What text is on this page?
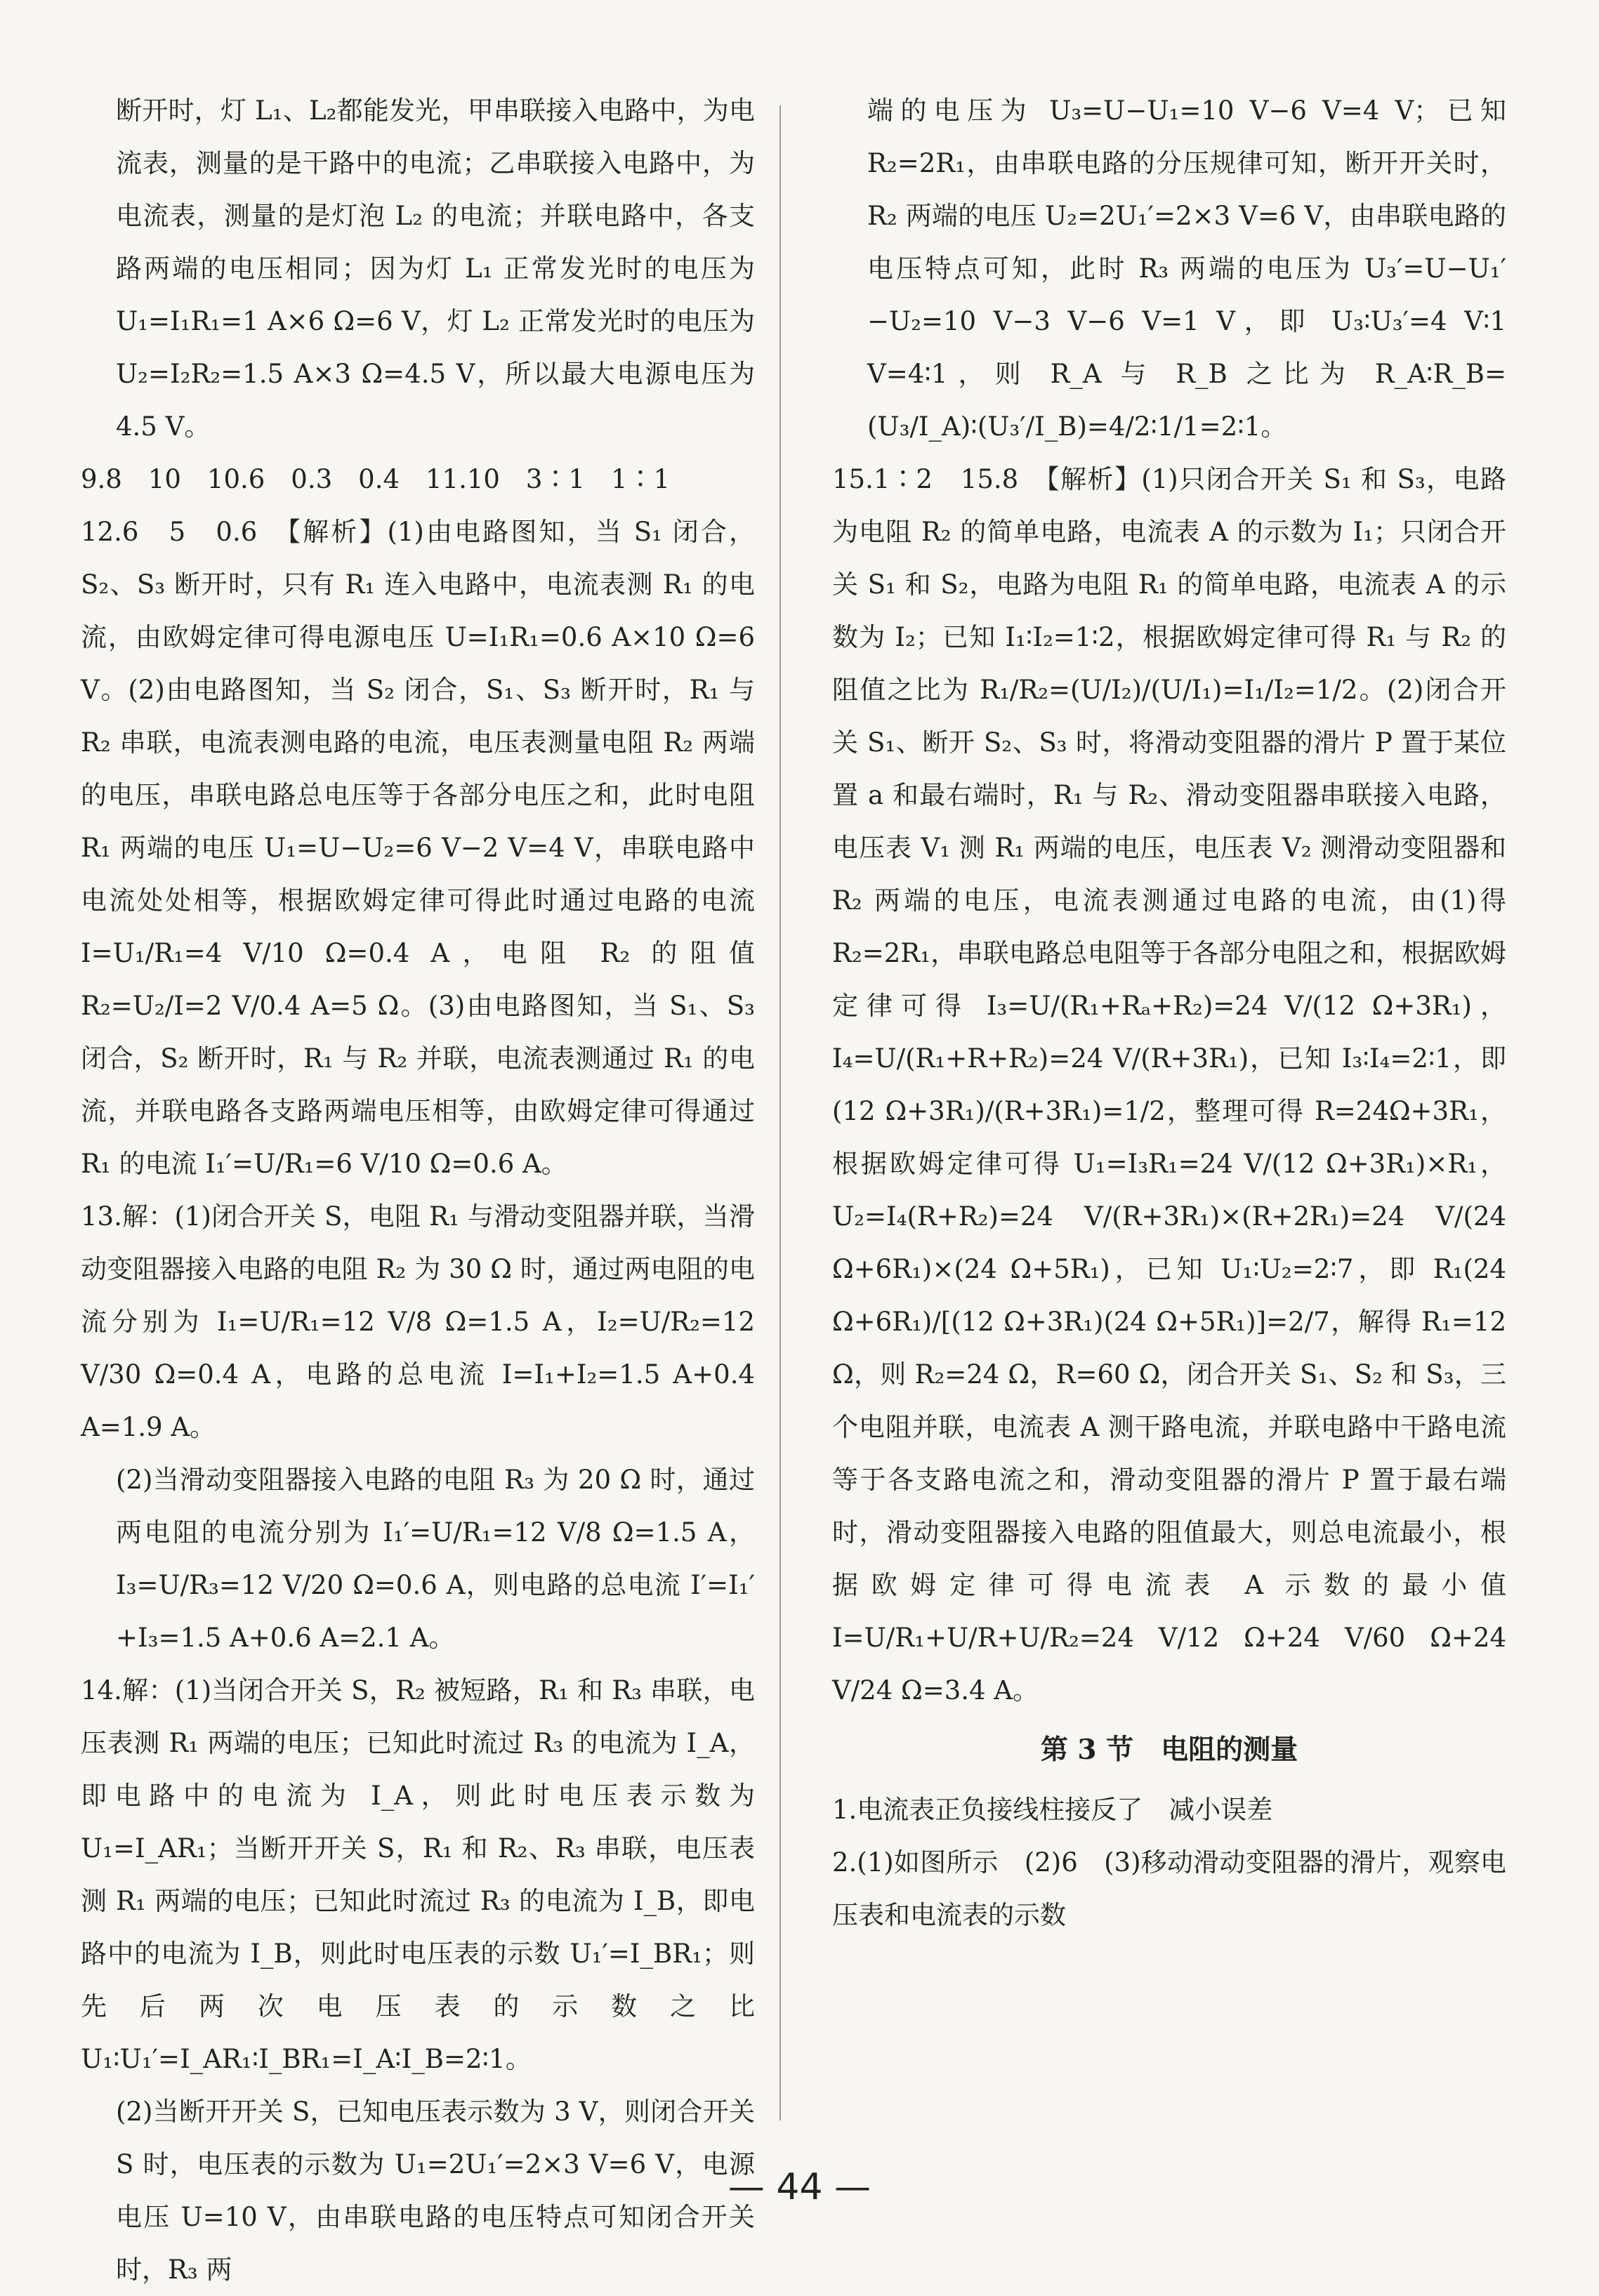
断开时，灯 L₁、L₂都能发光，甲串联接入电路中，为电流表，测量的是干路中的电流；乙串联接入电路中，为电流表，测量的是灯泡 L₂ 的电流；并联电路中，各支路两端的电压相同；因为灯 L₁ 正常发光时的电压为 U₁=I₁R₁=1 A×6 Ω=6 V，灯 L₂ 正常发光时的电压为 U₂=I₂R₂=1.5 A×3 Ω=4.5 V，所以最大电源电压为 4.5 V。

9.8　10　10.6　0.3　0.4　11.10　3∶1　1∶1

12.6　5　0.6　【解析】(1)由电路图知，当 S₁ 闭合，S₂、S₃ 断开时，只有 R₁ 连入电路中，电流表测 R₁ 的电流，由欧姆定律可得电源电压 U=I₁R₁=0.6 A×10 Ω=6 V。(2)由电路图知，当 S₂ 闭合，S₁、S₃ 断开时，R₁ 与 R₂ 串联，电流表测电路的电流，电压表测量电阻 R₂ 两端的电压，串联电路总电压等于各部分电压之和，此时电阻 R₁ 两端的电压 U₁=U−U₂=6 V−2 V=4 V，串联电路中电流处处相等，根据欧姆定律可得此时通过电路的电流 I=U₁/R₁=4 V/10 Ω=0.4 A，电阻 R₂ 的阻值 R₂=U₂/I=2 V/0.4 A=5 Ω。(3)由电路图知，当 S₁、S₃ 闭合，S₂ 断开时，R₁ 与 R₂ 并联，电流表测通过 R₁ 的电流，并联电路各支路两端电压相等，由欧姆定律可得通过 R₁ 的电流 I₁′=U/R₁=6 V/10 Ω=0.6 A。

13.解：(1)闭合开关 S，电阻 R₁ 与滑动变阻器并联，当滑动变阻器接入电路的电阻 R₂ 为 30 Ω 时，通过两电阻的电流分别为 I₁=U/R₁=12 V/8 Ω=1.5 A，I₂=U/R₂=12 V/30 Ω=0.4 A，电路的总电流 I=I₁+I₂=1.5 A+0.4 A=1.9 A。

(2)当滑动变阻器接入电路的电阻 R₃ 为 20 Ω 时，通过两电阻的电流分别为 I₁′=U/R₁=12 V/8 Ω=1.5 A，I₃=U/R₃=12 V/20 Ω=0.6 A，则电路的总电流 I′=I₁′+I₃=1.5 A+0.6 A=2.1 A。

14.解：(1)当闭合开关 S，R₂ 被短路，R₁ 和 R₃ 串联，电压表测 R₁ 两端的电压；已知此时流过 R₃ 的电流为 I_A，即电路中的电流为 I_A，则此时电压表示数为 U₁=I_AR₁；当断开开关 S，R₁ 和 R₂、R₃ 串联，电压表测 R₁ 两端的电压；已知此时流过 R₃ 的电流为 I_B，即电路中的电流为 I_B，则此时电压表的示数 U₁′=I_BR₁；则先后两次电压表的示数之比 U₁∶U₁′=I_AR₁∶I_BR₁=I_A∶I_B=2∶1。

(2)当断开开关 S，已知电压表示数为 3 V，则闭合开关 S 时，电压表的示数为 U₁=2U₁′=2×3 V=6 V，电源电压 U=10 V，由串联电路的电压特点可知闭合开关时，R₃ 两

端的电压为 U₃=U−U₁=10 V−6 V=4 V；已知 R₂=2R₁，由串联电路的分压规律可知，断开开关时，R₂ 两端的电压 U₂=2U₁′=2×3 V=6 V，由串联电路的电压特点可知，此时 R₃ 两端的电压为 U₃′=U−U₁′−U₂=10 V−3 V−6 V=1 V，即 U₃∶U₃′=4 V∶1 V=4∶1，则 R_A 与 R_B 之比为 R_A∶R_B=(U₃/I_A)∶(U₃′/I_B)=4/2∶1/1=2∶1。

15.1∶2　15.8　【解析】(1)只闭合开关 S₁ 和 S₃，电路为电阻 R₂ 的简单电路，电流表 A 的示数为 I₁；只闭合开关 S₁ 和 S₂，电路为电阻 R₁ 的简单电路，电流表 A 的示数为 I₂；已知 I₁∶I₂=1∶2，根据欧姆定律可得 R₁ 与 R₂ 的阻值之比为 R₁/R₂=(U/I₂)/(U/I₁)=I₁/I₂=1/2。(2)闭合开关 S₁、断开 S₂、S₃ 时，将滑动变阻器的滑片 P 置于某位置 a 和最右端时，R₁ 与 R₂、滑动变阻器串联接入电路，电压表 V₁ 测 R₁ 两端的电压，电压表 V₂ 测滑动变阻器和 R₂ 两端的电压，电流表测通过电路的电流，由(1)得 R₂=2R₁，串联电路总电阻等于各部分电阻之和，根据欧姆定律可得 I₃=U/(R₁+Rₐ+R₂)=24 V/(12 Ω+3R₁)，I₄=U/(R₁+R+R₂)=24 V/(R+3R₁)，已知 I₃∶I₄=2∶1，即 (12 Ω+3R₁)/(R+3R₁)=1/2，整理可得 R=24Ω+3R₁，根据欧姆定律可得 U₁=I₃R₁=24 V/(12 Ω+3R₁)×R₁，U₂=I₄(R+R₂)=24 V/(R+3R₁)×(R+2R₁)=24 V/(24 Ω+6R₁)×(24 Ω+5R₁)，已知 U₁∶U₂=2∶7，即 R₁(24 Ω+6R₁)/[(12 Ω+3R₁)(24 Ω+5R₁)]=2/7，解得 R₁=12 Ω，则 R₂=24 Ω，R=60 Ω，闭合开关 S₁、S₂ 和 S₃，三个电阻并联，电流表 A 测干路电流，并联电路中干路电流等于各支路电流之和，滑动变阻器的滑片 P 置于最右端时，滑动变阻器接入电路的阻值最大，则总电流最小，根据欧姆定律可得电流表 A 示数的最小值 I=U/R₁+U/R+U/R₂=24 V/12 Ω+24 V/60 Ω+24 V/24 Ω=3.4 A。

第 3 节　电阻的测量

1.电流表正负接线柱接反了　减小误差

2.(1)如图所示　(2)6　(3)移动滑动变阻器的滑片，观察电压表和电流表的示数

— 44 —
